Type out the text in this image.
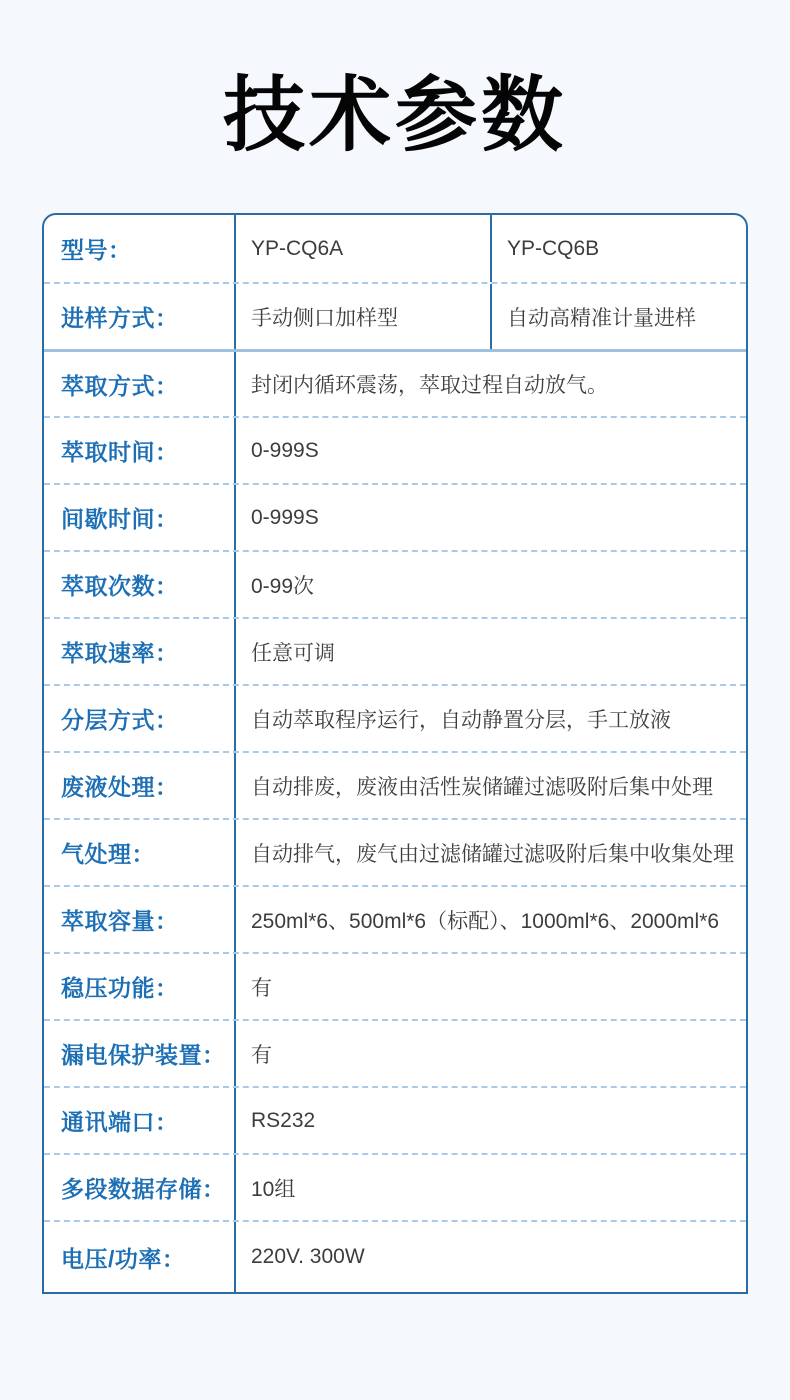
技术参数
型号：	YP-CQ6A	YP-CQ6B
进样方式：	手动侧口加样型	自动高精准计量进样
萃取方式：	封闭内循环震荡，萃取过程自动放气。
萃取时间：	0-999S
间歇时间：	0-999S
萃取次数：	0-99次
萃取速率：	任意可调
分层方式：	自动萃取程序运行，自动静置分层，手工放液
废液处理：	自动排废，废液由活性炭储罐过滤吸附后集中处理
气处理：	自动排气，废气由过滤储罐过滤吸附后集中收集处理
萃取容量：	250ml*6、500ml*6（标配）、1000ml*6、2000ml*6
稳压功能：	有
漏电保护装置：	有
通讯端口：	RS232
多段数据存储：	10组
电压/功率：	220V. 300W
